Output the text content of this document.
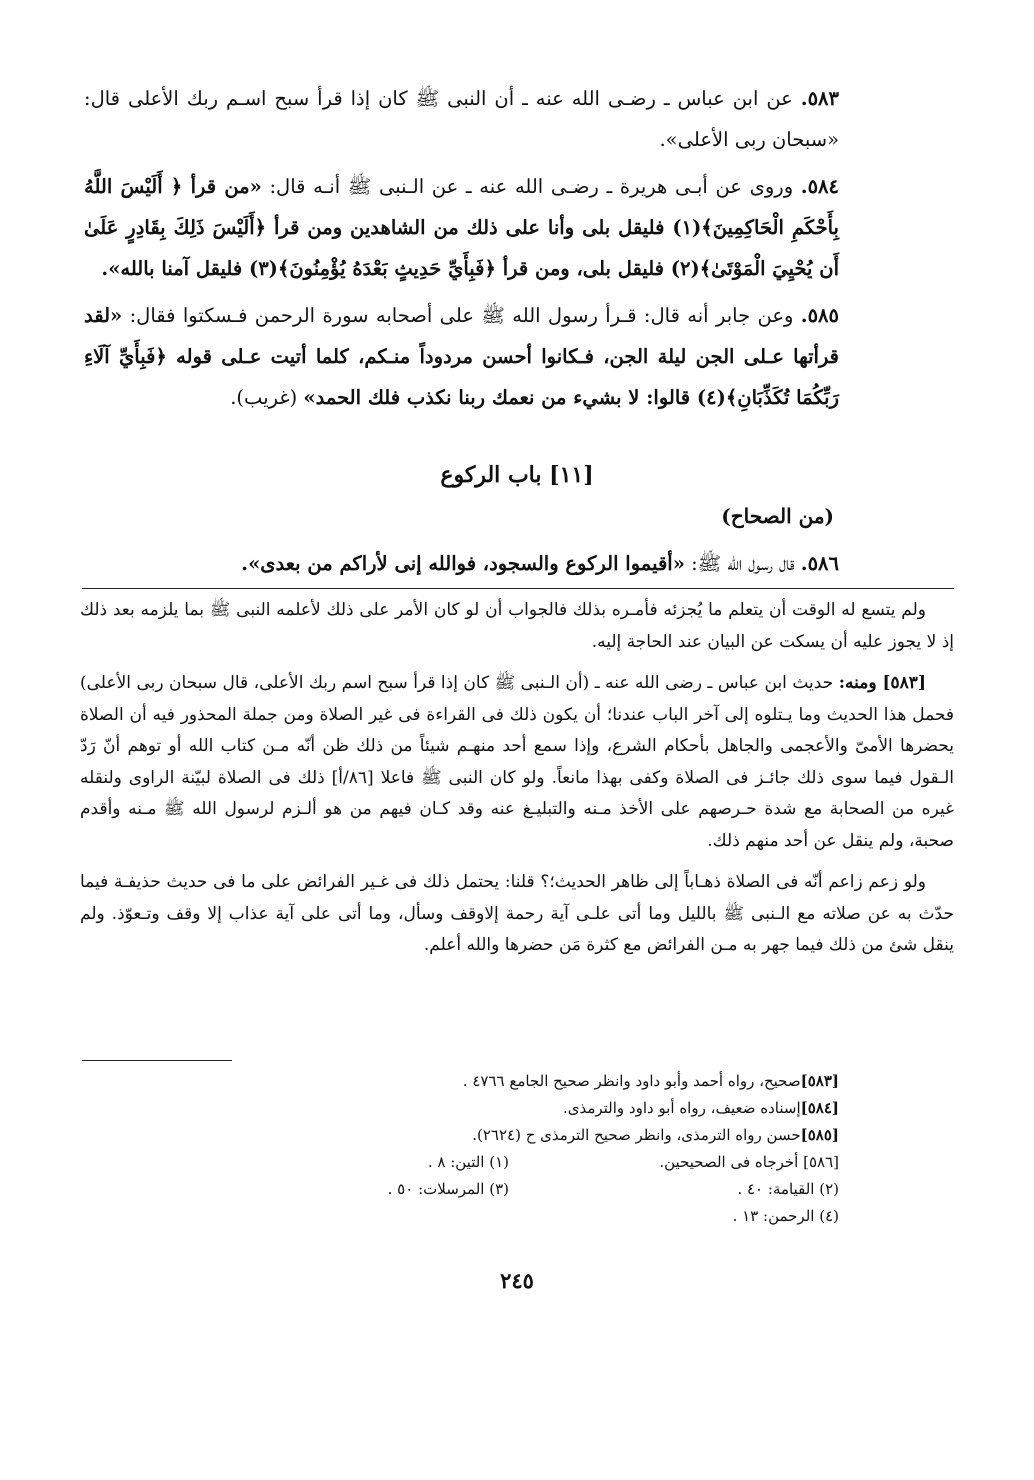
٥٨٣. عن ابن عباس ـ رضـى الله عنه ـ أن النبى ﷺ كان إذا قرأ سبح اسـم ربك الأعلى قال: «سبحان ربى الأعلى».

٥٨٤. وروى عن أبـى هريرة ـ رضـى الله عنه ـ عن الـنبى ﷺ أنـه قال: «من قرأ ﴿ أَلَيْسَ اللَّهُ بِأَحْكَمِ الْحَاكِمِينَ﴾(١) فليقل بلى وأنا على ذلك من الشاهدين ومن قرأ ﴿أَلَيْسَ ذَلِكَ بِقَادِرٍ عَلَىٰ أَن يُحْيِيَ الْمَوْتَىٰ﴾(٢) فليقل بلى، ومن قرأ ﴿فَبِأَيِّ حَدِيثٍ بَعْدَهُ يُؤْمِنُونَ﴾(٣) فليقل آمنا بالله».

٥٨٥. وعن جابر أنه قال: قـرأ رسول الله ﷺ على أصحابه سورة الرحمن فـسكتوا فقال: «لقد قرأتها عـلى الجن ليلة الجن، فـكانوا أحسن مردوداً منـكم، كلما أتيت عـلى قوله ﴿فَبِأَيِّ آلَاءِ رَبِّكُمَا تُكَذِّبَانِ﴾(٤) قالوا: لا بشيء من نعمك ربنا نكذب فلك الحمد» (غريب).

[١١] باب الركوع
(من الصحاح)

٥٨٦. قال رسول الله ﷺ: «أقيموا الركوع والسجود، فوالله إنى لأراكم من بعدى».

ولم يتسع له الوقت أن يتعلم ما يُجزئه فأمـره بذلك فالجواب أن لو كان الأمر على ذلك لأعلمه النبى ﷺ بما يلزمه بعد ذلك إذ لا يجوز عليه أن يسكت عن البيان عند الحاجة إليه.

[٥٨٣] ومنه: حديث ابن عباس ـ رضى الله عنه ـ (أن الـنبى ﷺ كان إذا قرأ سبح اسم ربك الأعلى، قال سبحان ربى الأعلى) فحمل هذا الحديث وما يـتلوه إلى آخر الباب عندنا؛ أن يكون ذلك فى القراءة فى غير الصلاة ومن جملة المحذور فيه أن الصلاة يحضرها الأمىّ والأعجمى والجاهل بأحكام الشرع، وإذا سمع أحد منهـم شيئاً من ذلك ظن أنّه مـن كتاب الله أو توهم أنّ رَدّ الـقول فيما سوى ذلك جائـز فى الصلاة وكفى بهذا مانعاً. ولو كان النبى ﷺ فاعلا [٨٦/أ] ذلك فى الصلاة لبيّنة الراوى ولنقله غيره من الصحابة مع شدة حـرصهم على الأخذ مـنه والتبليـغ عنه وقد كـان فيهم من هو ألـزم لرسول الله ﷺ مـنه وأقدم صحبة، ولم ينقل عن أحد منهم ذلك.

ولو زعم زاعم أنّه فى الصلاة ذهـاباً إلى ظاهر الحديث؛؟ قلنا: يحتمل ذلك فى غـير الفرائض على ما فى حديث حذيفـة فيما حدّث به عن صلاته مع الـنبى ﷺ بالليل وما أتى علـى آية رحمة إلاوقف وسأل، وما أتى على آية عذاب إلا وقف وتـعوّذ. ولم ينقل شئ من ذلك فيما جهر به مـن الفرائض مع كثرة مَن حضرها والله أعلم.

[٥٨٣]صحيح، رواه أحمد وأبو داود وانظر صحيح الجامع ٤٧٦٦ .
[٥٨٤]إسناده ضعيف، رواه أبو داود والترمذى.
[٥٨٥]حسن رواه الترمذى، وانظر صحيح الترمذى ح (٢٦٢٤).
[٥٨٦] أخرجاه فى الصحيحين.
(١) التين: ٨ .
(٢) القيامة: ٤٠ .
(٣) المرسلات: ٥٠ .
(٤) الرحمن: ١٣ .
٢٤٥
